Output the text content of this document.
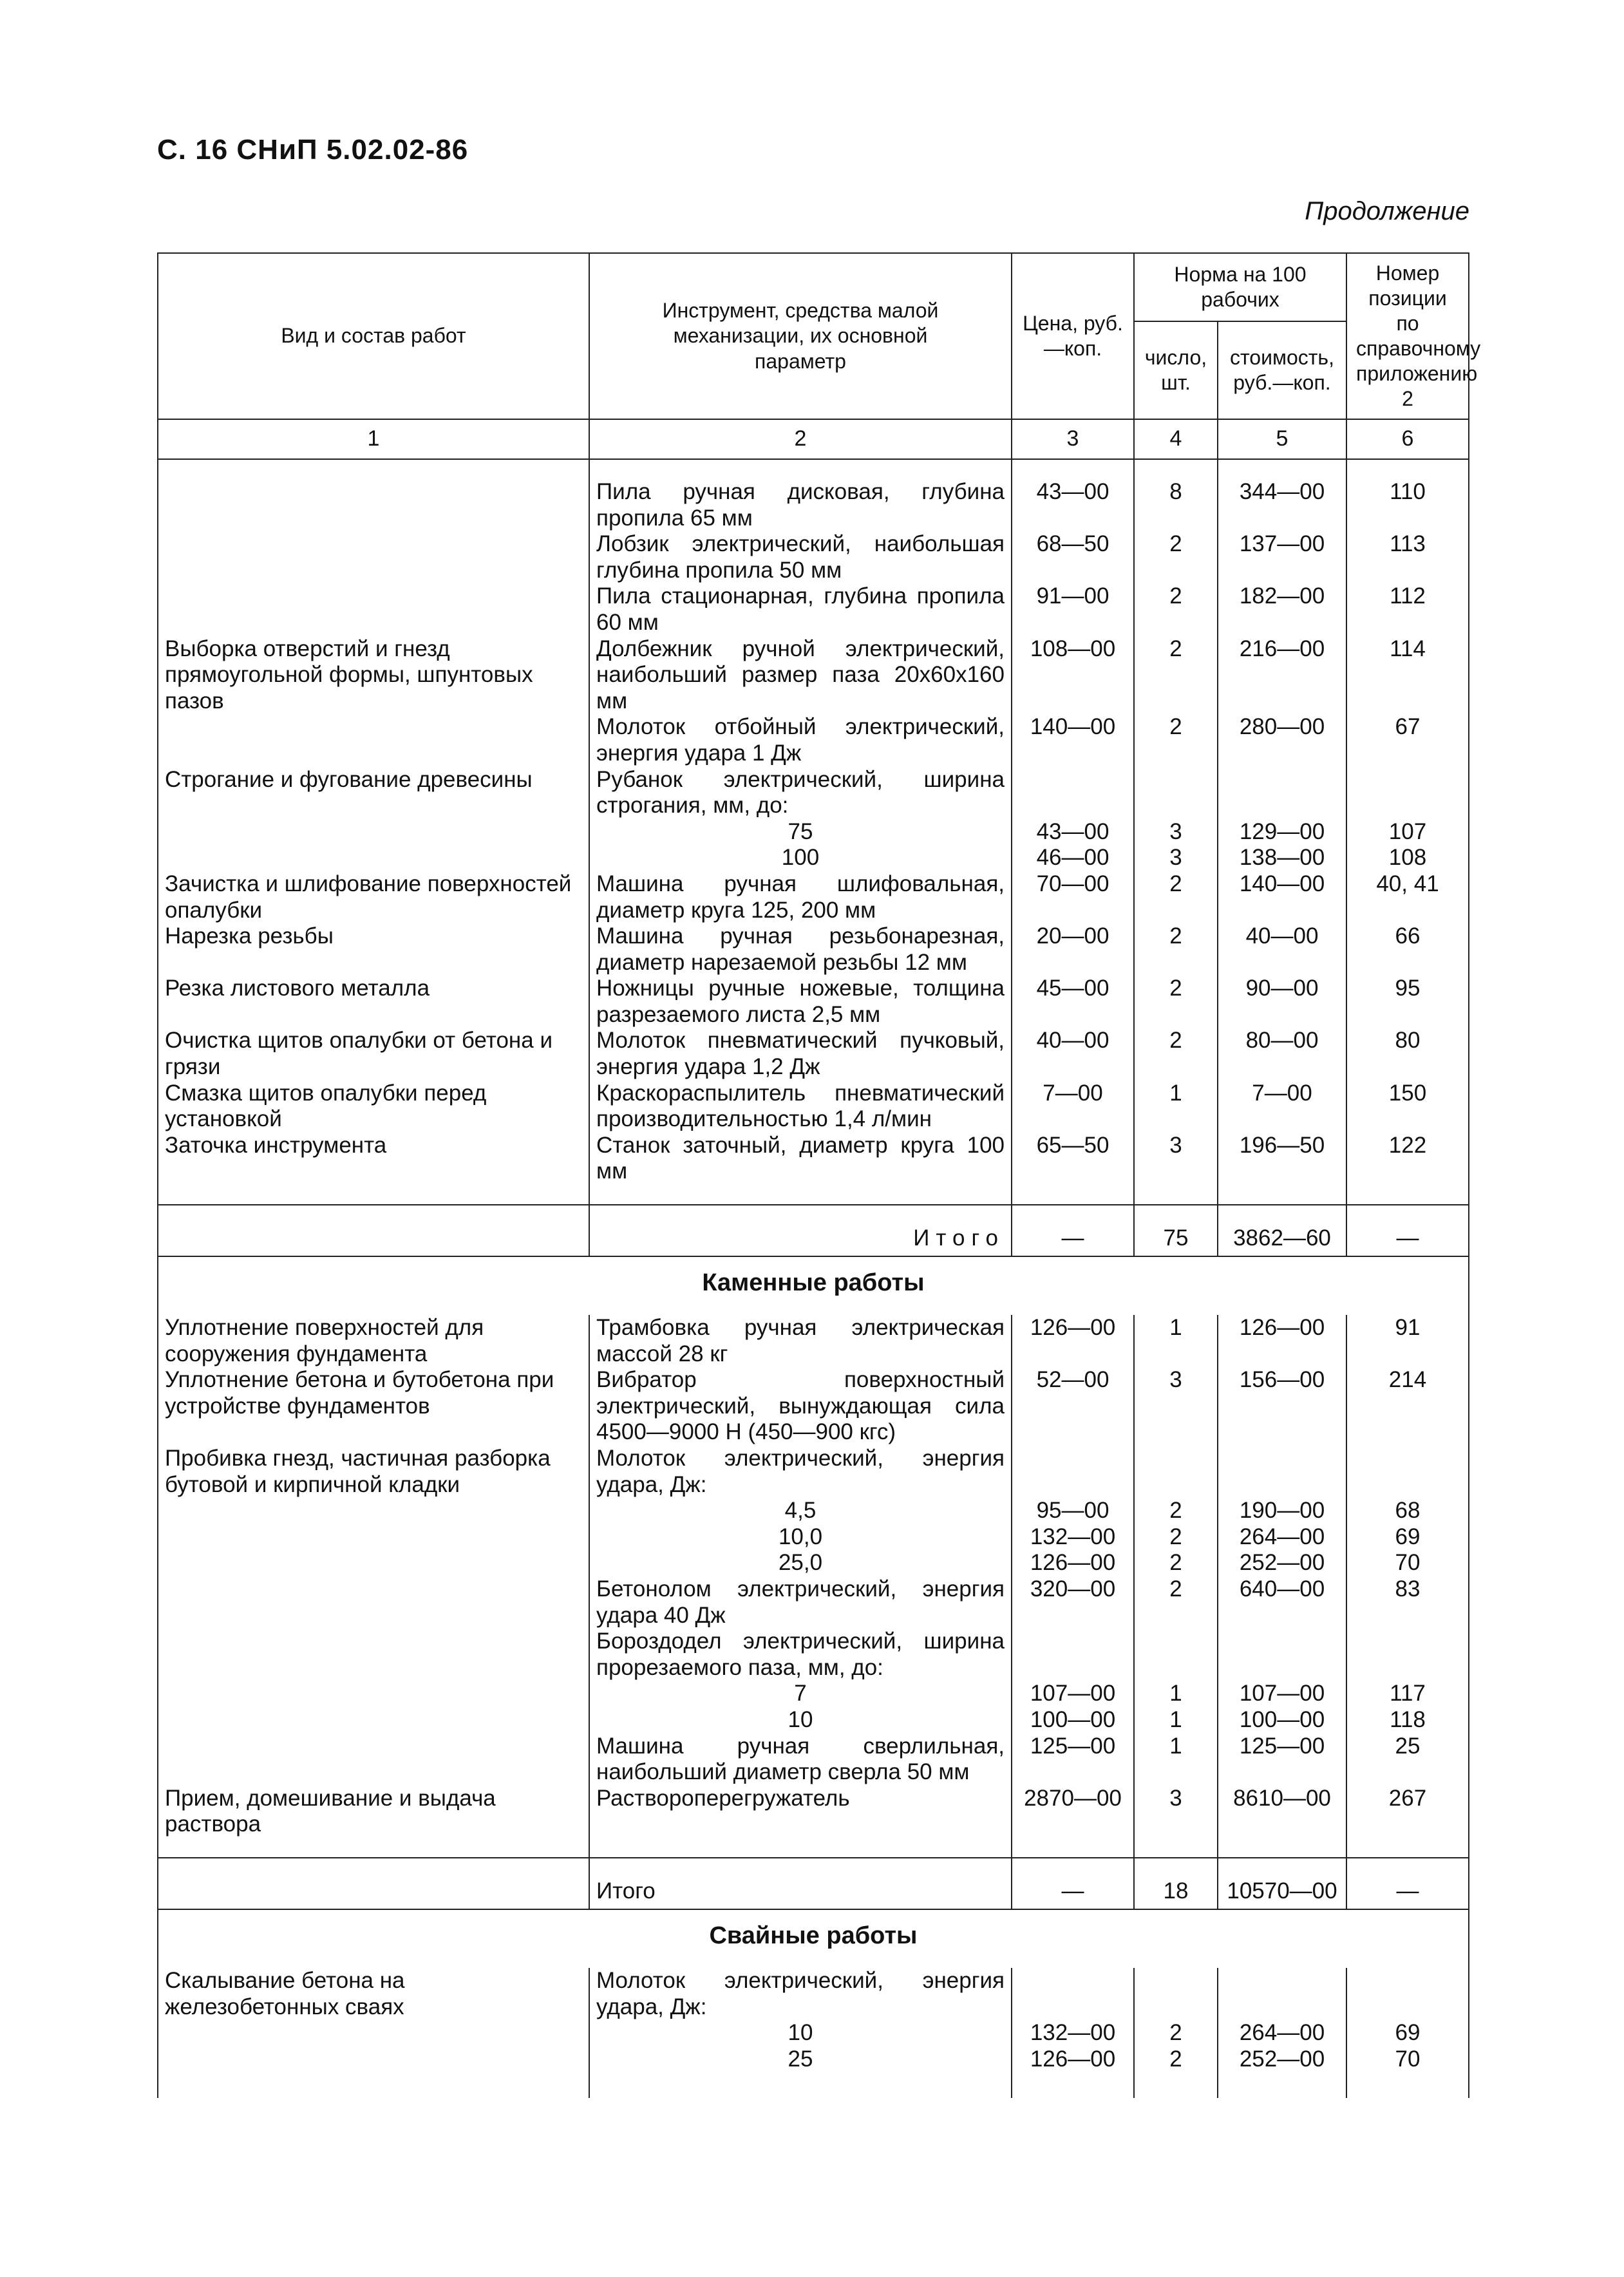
С. 16 СНиП 5.02.02-86
Продолжение
Вид и состав работ	Инструмент, средства малой механизации, их основной параметр	Цена, руб.—коп.	Норма на 100 рабочих		Номер позиции по справочному приложению 2
			число, шт.	стоимость, руб.—коп.	
1	2	3	4	5	6

	Пила ручная дисковая, глубина пропила 65 мм	43—00	8	344—00	110
	Лобзик электрический, наибольшая глубина пропила 50 мм	68—50	2	137—00	113
	Пила стационарная, глубина пропила 60 мм	91—00	2	182—00	112
Выборка отверстий и гнезд прямоугольной формы, шпунтовых пазов	Долбежник ручной электрический, наибольший размер паза 20х60х160 мм	108—00	2	216—00	114
	Молоток отбойный электрический, энергия удара 1 Дж	140—00	2	280—00	67
Строгание и фугование древесины	Рубанок электрический, ширина строгания, мм, до:				
	75	43—00	3	129—00	107
	100	46—00	3	138—00	108
Зачистка и шлифование поверхностей опалубки	Машина ручная шлифовальная, диаметр круга 125, 200 мм	70—00	2	140—00	40, 41
Нарезка резьбы	Машина ручная резьбонарезная, диаметр нарезаемой резьбы 12 мм	20—00	2	40—00	66
Резка листового металла	Ножницы ручные ножевые, толщина разрезаемого листа 2,5 мм	45—00	2	90—00	95
Очистка щитов опалубки от бетона и грязи	Молоток пневматический пучковый, энергия удара 1,2 Дж	40—00	2	80—00	80
Смазка щитов опалубки перед установкой	Краскораспылитель пневматический производительностью 1,4 л/мин	7—00	1	7—00	150
Заточка инструмента	Станок заточный, диаметр круга 100 мм	65—50	3	196—50	122

	Итого	—	75	3862—60	—
Каменные работы					
Уплотнение поверхностей для сооружения фундамента	Трамбовка ручная электрическая массой 28 кг	126—00	1	126—00	91
Уплотнение бетона и бутобетона при устройстве фундаментов	Вибратор поверхностный электрический, вынуждающая сила 4500—9000 Н (450—900 кгс)	52—00	3	156—00	214
Пробивка гнезд, частичная разборка бутовой и кирпичной кладки	Молоток электрический, энергия удара, Дж:				
	4,5	95—00	2	190—00	68
	10,0	132—00	2	264—00	69
	25,0	126—00	2	252—00	70
	Бетонолом электрический, энергия удара 40 Дж	320—00	2	640—00	83
	Бороздодел электрический, ширина прорезаемого паза, мм, до:				
	7	107—00	1	107—00	117
	10	100—00	1	100—00	118
	Машина ручная сверлильная, наибольший диаметр сверла 50 мм	125—00	1	125—00	25
Прием, домешивание и выдача раствора	Растворoперегружатель	2870—00	3	8610—00	267

	Итого	—	18	10570—00	—
Свайные работы					
Скалывание бетона на железобетонных сваях	Молоток электрический, энергия удара, Дж:				
	10	132—00	2	264—00	69
	25	126—00	2	252—00	70
